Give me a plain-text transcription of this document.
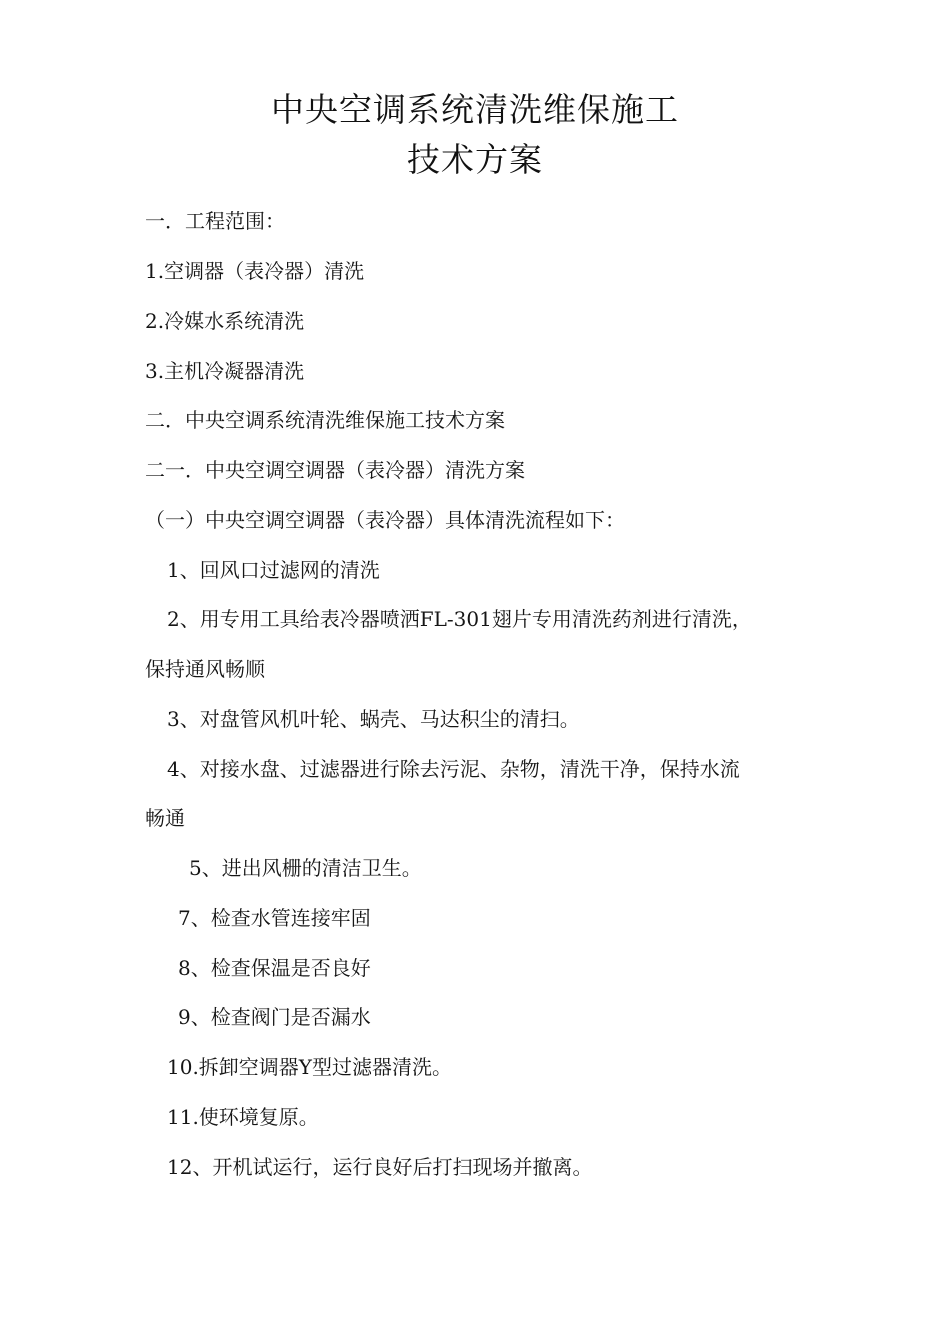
中央空调系统清洗维保施工
技术方案
一．工程范围：
1.空调器（表冷器）清洗
2.冷媒水系统清洗
3.主机冷凝器清洗
二．中央空调系统清洗维保施工技术方案
二一．中央空调空调器（表冷器）清洗方案
（一）中央空调空调器（表冷器）具体清洗流程如下：
1、回风口过滤网的清洗
2、用专用工具给表冷器喷洒FL-301翅片专用清洗药剂进行清洗，
保持通风畅顺
3、对盘管风机叶轮、蜗壳、马达积尘的清扫。
4、对接水盘、过滤器进行除去污泥、杂物，清洗干净，保持水流
畅通
5、进出风栅的清洁卫生。
7、检查水管连接牢固
8、检查保温是否良好
9、检查阀门是否漏水
10.拆卸空调器Y型过滤器清洗。
11.使环境复原。
12、开机试运行，运行良好后打扫现场并撤离。
